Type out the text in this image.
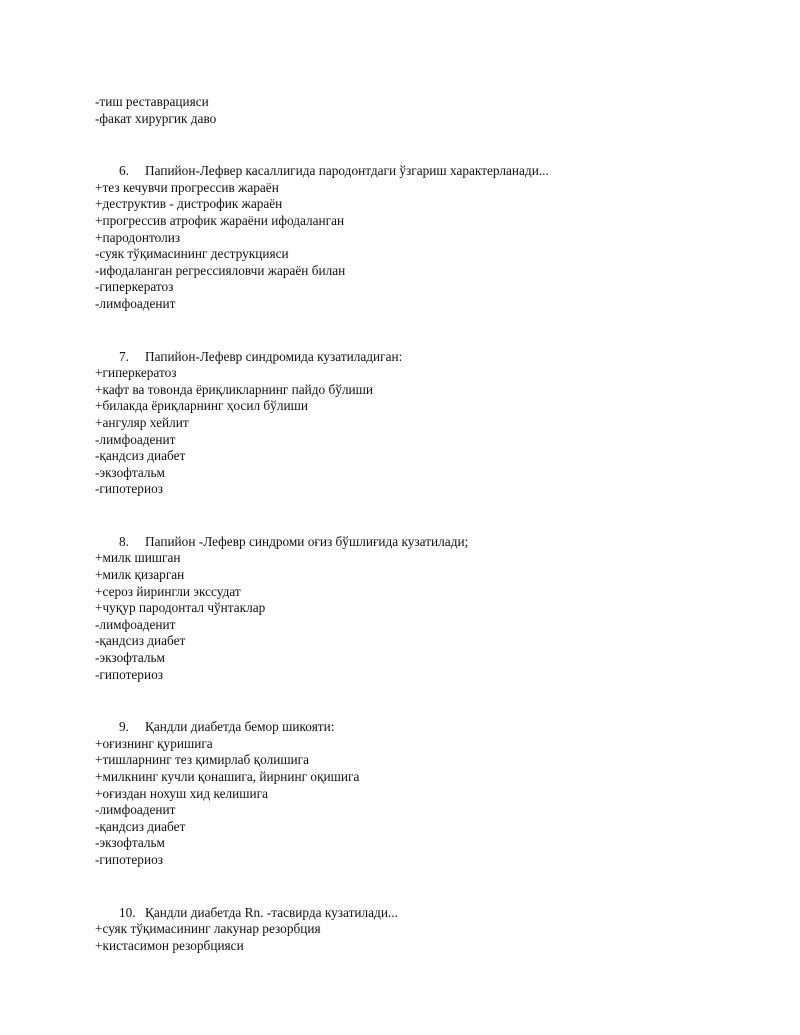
-тиш реставрацияси
-факат хирургик даво
6. Папийон-Лефвер касаллигида пародонтдаги ўзгариш характерланади...
+тез кечувчи прогрессив жараён
+деструктив - дистрофик жараён
+прогрессив атрофик жараёни ифодаланган
+пародонтолиз
-суяк тўқимасининг деструкцияси
-ифодаланган регрессияловчи жараён билан
-гиперкератоз
-лимфоаденит
7. Папийон-Лефевр синдромида кузатиладиган:
+гиперкератоз
+кафт ва товонда ёриқликларнинг пайдо бўлиши
+билакда ёриқларнинг ҳосил бўлиши
+ангуляр хейлит
-лимфоаденит
-қандсиз диабет
-экзофтальм
-гипотериоз
8. Папийон -Лефевр синдроми оғиз бўшлиғида кузатилади;
+милк шишган
+милк қизарган
+сероз йирингли экссудат
+чуқур пародонтал чўнтаклар
-лимфоаденит
-қандсиз диабет
-экзофтальм
-гипотериоз
9. Қандли диабетда бемор шикояти:
+оғизнинг қуришига
+тишларнинг тез қимирлаб қолишига
+милкнинг кучли қонашига, йирнинг оқишига
+оғиздан нохуш хид келишига
-лимфоаденит
-қандсиз диабет
-экзофтальм
-гипотериоз
10. Қандли диабетда Rn. -тасвирда кузатилади...
+суяк тўқимасининг лакунар резорбция
+кистасимон резорбцияси
